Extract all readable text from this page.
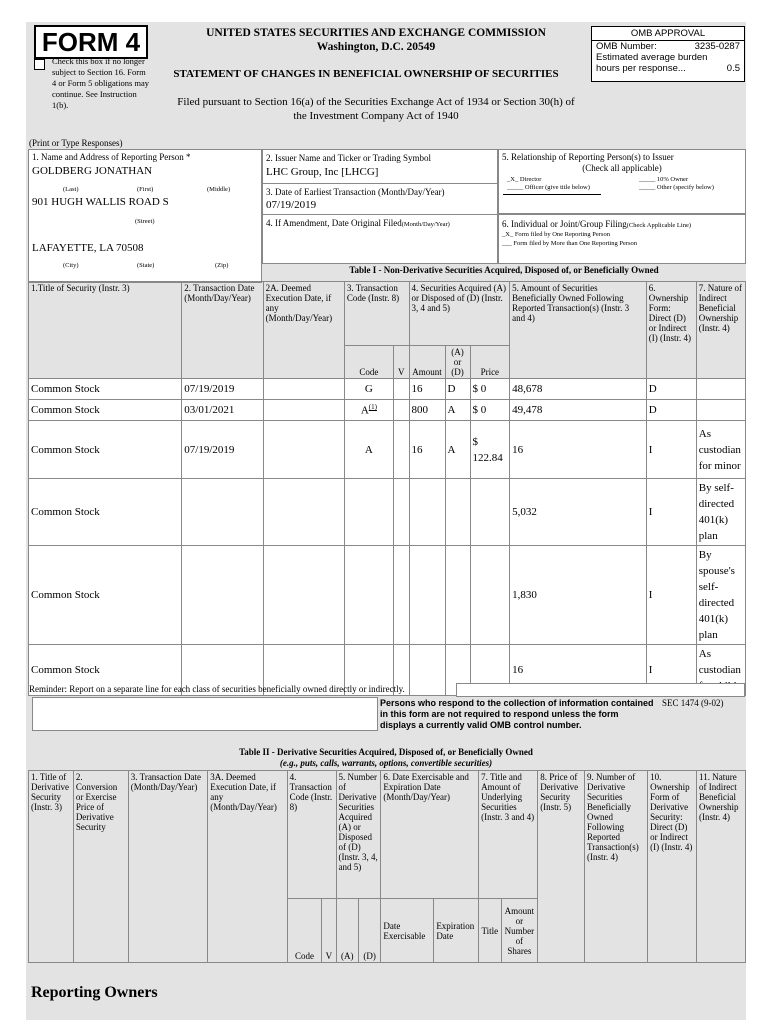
FORM 4
Check this box if no longer subject to Section 16. Form 4 or Form 5 obligations may continue. See Instruction 1(b).
UNITED STATES SECURITIES AND EXCHANGE COMMISSION
Washington, D.C. 20549
STATEMENT OF CHANGES IN BENEFICIAL OWNERSHIP OF SECURITIES
Filed pursuant to Section 16(a) of the Securities Exchange Act of 1934 or Section 30(h) of
the Investment Company Act of 1940
OMB APPROVAL
OMB Number:	3235-0287
Estimated average burden
hours per response...	0.5
(Print or Type Responses)
1. Name and Address of Reporting Person *
GOLDBERG JONATHAN
(Last)	(First)	(Middle)
901 HUGH WALLIS ROAD S
(Street)
LAFAYETTE, LA 70508
(City)	(State)	(Zip)
2. Issuer Name and Ticker or Trading Symbol
LHC Group, Inc [LHCG]
3. Date of Earliest Transaction (Month/Day/Year)
07/19/2019
4. If Amendment, Date Original Filed(Month/Day/Year)
5. Relationship of Reporting Person(s) to Issuer
(Check all applicable)
_X_ Director	_____ 10% Owner
_____ Officer (give title below)	_____ Other (specify below)
6. Individual or Joint/Group Filing(Check Applicable Line)
_X_ Form filed by One Reporting Person
___ Form filed by More than One Reporting Person
Table I - Non-Derivative Securities Acquired, Disposed of, or Beneficially Owned
1.Title of Security (Instr. 3)	2. Transaction Date (Month/Day/Year)	2A. Deemed Execution Date, if any (Month/Day/Year)	3. Transaction Code (Instr. 8)		4. Securities Acquired (A) or Disposed of (D) (Instr. 3, 4 and 5)			5. Amount of Securities Beneficially Owned Following Reported Transaction(s) (Instr. 3 and 4)	6. Ownership Form: Direct (D) or Indirect (I) (Instr. 4)	7. Nature of Indirect Beneficial Ownership (Instr. 4)
			Code	V	Amount	(A) or (D)	Price			
Common Stock	07/19/2019		G		16	D	$ 0	48,678	D	
Common Stock	03/01/2021		$A^{(1)}$		800	A	$ 0	49,478	D	
Common Stock	07/19/2019		A		16	A	$ 122.84	16	I	As custodian for minor
Common Stock								5,032	I	By self-directed 401(k) plan
Common Stock								1,830	I	By spouse's self-directed 401(k) plan
Common Stock								16	I	As custodian
Reminder: Report on a separate line for each class of securities beneficially owned directly or indirectly.
Persons who respond to the collection of information contained in this form are not required to respond unless the form displays a currently valid OMB control number.
SEC 1474 (9-02)
Table II - Derivative Securities Acquired, Disposed of, or Beneficially Owned
(e.g., puts, calls, warrants, options, convertible securities)
1. Title of Derivative Security (Instr. 3)	2. Conversion or Exercise Price of Derivative Security	3. Transaction Date (Month/Day/Year)	3A. Deemed Execution Date, if any (Month/Day/Year)	4. Transaction Code (Instr. 8)		5. Number of Derivative Securities Acquired (A) or Disposed of (D) (Instr. 3, 4, and 5)		6. Date Exercisable and Expiration Date (Month/Day/Year)		7. Title and Amount of Underlying Securities (Instr. 3 and 4)		8. Price of Derivative Security (Instr. 5)	9. Number of Derivative Securities Beneficially Owned Following Reported Transaction(s) (Instr. 4)	10. Ownership Form of Derivative Security: Direct (D) or Indirect (I) (Instr. 4)	11. Nature of Indirect Beneficial Ownership (Instr. 4)
				Code	V	(A)	(D)	Date Exercisable	Expiration Date	Title	Amount or Number of Shares				
Reporting Owners
